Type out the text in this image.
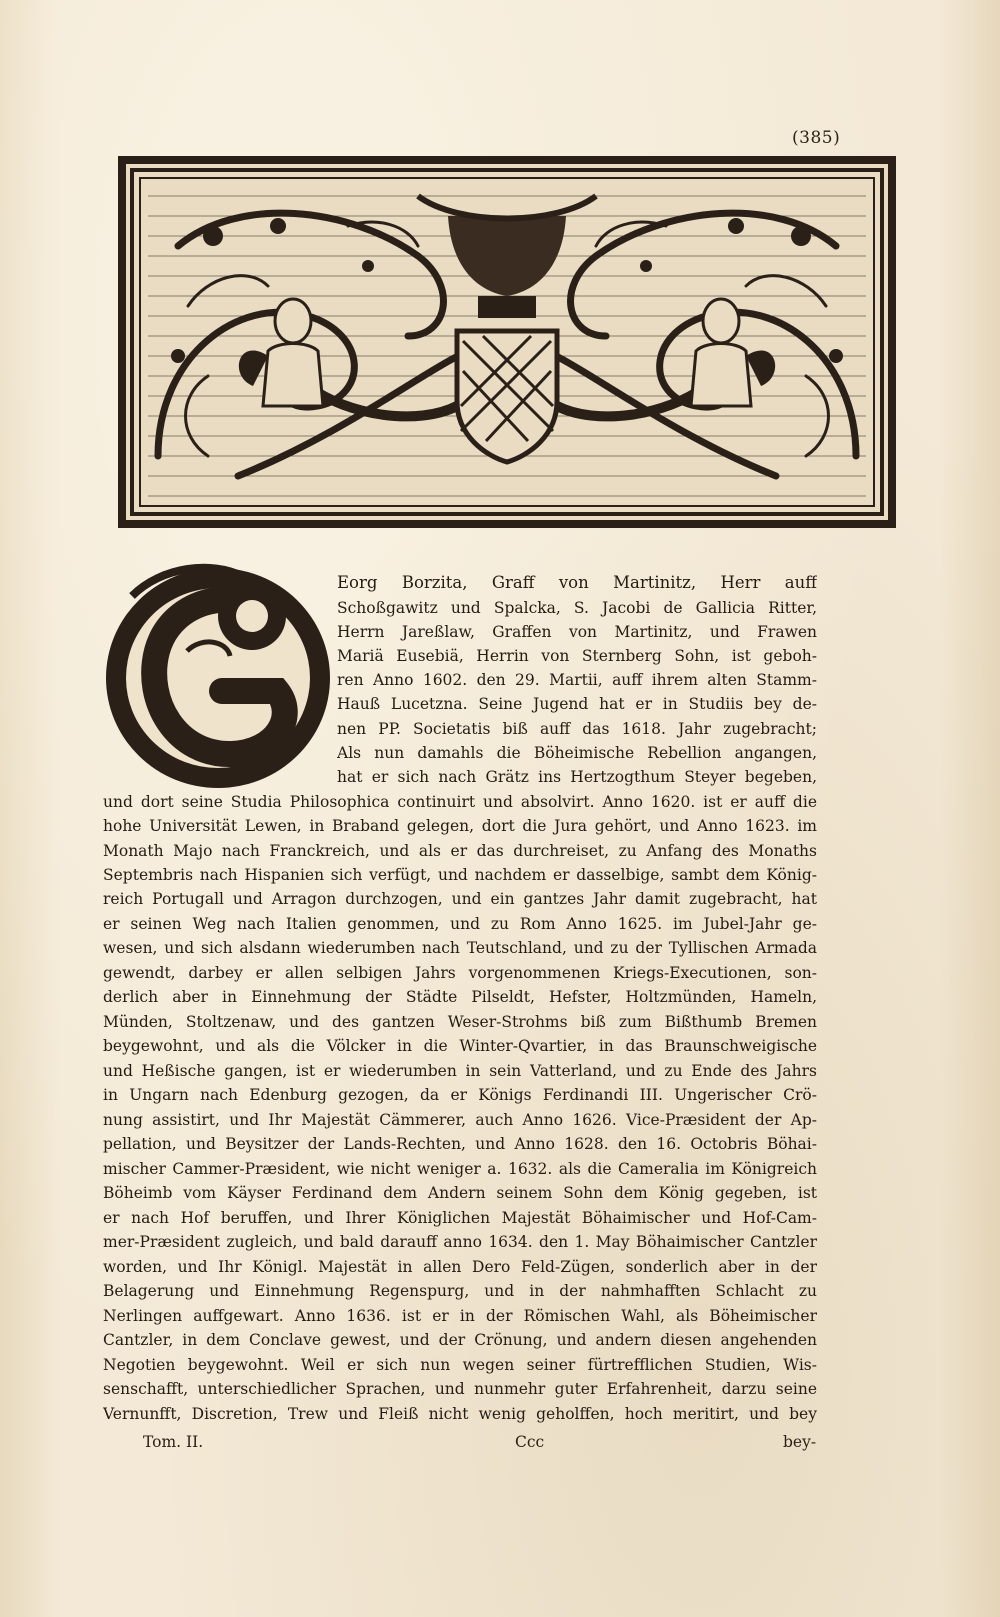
(385)
Eorg Borzita, Graff von Martinitz, Herr auff
Schoßgawitz und Spalcka, S. Jacobi de Gallicia Ritter,
Herrn Jareßlaw, Graffen von Martinitz, und Frawen
Mariä Eusebiä, Herrin von Sternberg Sohn, ist geboh-
ren Anno 1602. den 29. Martii, auff ihrem alten Stamm-
Hauß Lucetzna. Seine Jugend hat er in Studiis bey de-
nen PP. Societatis biß auff das 1618. Jahr zugebracht;
Als nun damahls die Böheimische Rebellion angangen,
hat er sich nach Grätz ins Hertzogthum Steyer begeben,
und dort seine Studia Philosophica continuirt und absolvirt. Anno 1620. ist er auff die
hohe Universität Lewen, in Braband gelegen, dort die Jura gehört, und Anno 1623. im
Monath Majo nach Franckreich, und als er das durchreiset, zu Anfang des Monaths
Septembris nach Hispanien sich verfügt, und nachdem er dasselbige, sambt dem König-
reich Portugall und Arragon durchzogen, und ein gantzes Jahr damit zugebracht, hat
er seinen Weg nach Italien genommen, und zu Rom Anno 1625. im Jubel-Jahr ge-
wesen, und sich alsdann wiederumben nach Teutschland, und zu der Tyllischen Armada
gewendt, darbey er allen selbigen Jahrs vorgenommenen Kriegs-Executionen, son-
derlich aber in Einnehmung der Städte Pilseldt, Hefster, Holtzmünden, Hameln,
Münden, Stoltzenaw, und des gantzen Weser-Strohms biß zum Bißthumb Bremen
beygewohnt, und als die Völcker in die Winter-Qvartier, in das Braunschweigische
und Heßische gangen, ist er wiederumben in sein Vatterland, und zu Ende des Jahrs
in Ungarn nach Edenburg gezogen, da er Königs Ferdinandi III. Ungerischer Crö-
nung assistirt, und Ihr Majestät Cämmerer, auch Anno 1626. Vice-Præsident der Ap-
pellation, und Beysitzer der Lands-Rechten, und Anno 1628. den 16. Octobris Böhai-
mischer Cammer-Præsident, wie nicht weniger a. 1632. als die Cameralia im Königreich
Böheimb vom Käyser Ferdinand dem Andern seinem Sohn dem König gegeben, ist
er nach Hof beruffen, und Ihrer Königlichen Majestät Böhaimischer und Hof-Cam-
mer-Præsident zugleich, und bald darauff anno 1634. den 1. May Böhaimischer Cantzler
worden, und Ihr Königl. Majestät in allen Dero Feld-Zügen, sonderlich aber in der
Belagerung und Einnehmung Regenspurg, und in der nahmhafften Schlacht zu
Nerlingen auffgewart. Anno 1636. ist er in der Römischen Wahl, als Böheimischer
Cantzler, in dem Conclave gewest, und der Crönung, und andern diesen angehenden
Negotien beygewohnt. Weil er sich nun wegen seiner fürtrefflichen Studien, Wis-
senschafft, unterschiedlicher Sprachen, und nunmehr guter Erfahrenheit, darzu seine
Vernunfft, Discretion, Trew und Fleiß nicht wenig geholffen, hoch meritirt, und bey
Tom. II.	Ccc	bey-
